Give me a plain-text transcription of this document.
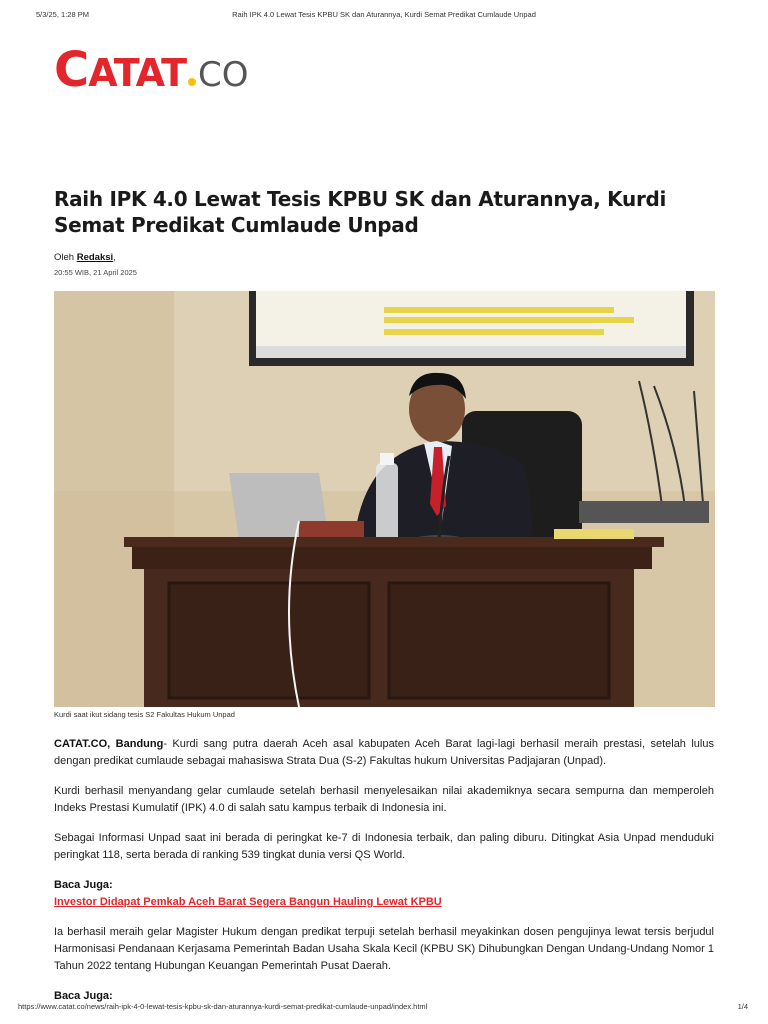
5/3/25, 1:28 PM	Raih IPK 4.0 Lewat Tesis KPBU SK dan Aturannya, Kurdi Semat Predikat Cumlaude Unpad
CATAT CO
Raih IPK 4.0 Lewat Tesis KPBU SK dan Aturannya, Kurdi Semat Predikat Cumlaude Unpad
Oleh Redaksi,
20:55 WIB, 21 April 2025
Kurdi saat ikut sidang tesis S2 Fakultas Hukum Unpad

CATAT.CO, Bandung- Kurdi sang putra daerah Aceh asal kabupaten Aceh Barat lagi-lagi berhasil meraih prestasi, setelah lulus dengan predikat cumlaude sebagai mahasiswa Strata Dua (S-2) Fakultas hukum Universitas Padjajaran (Unpad).

Kurdi berhasil menyandang gelar cumlaude setelah berhasil menyelesaikan nilai akademiknya secara sempurna dan memperoleh Indeks Prestasi Kumulatif (IPK) 4.0 di salah satu kampus terbaik di Indonesia ini.

Sebagai Informasi Unpad saat ini berada di peringkat ke-7 di Indonesia terbaik, dan paling diburu. Ditingkat Asia Unpad menduduki peringkat 118, serta berada di ranking 539 tingkat dunia versi QS World.

Baca Juga:
Investor Didapat Pemkab Aceh Barat Segera Bangun Hauling Lewat KPBU

Ia berhasil meraih gelar Magister Hukum dengan predikat terpuji setelah berhasil meyakinkan dosen pengujinya lewat tersis berjudul Harmonisasi Pendanaan Kerjasama Pemerintah Badan Usaha Skala Kecil (KPBU SK) Dihubungkan Dengan Undang-Undang Nomor 1 Tahun 2022 tentang Hubungan Keuangan Pemerintah Pusat Daerah.

Baca Juga:
https://www.catat.co/news/raih-ipk-4-0-lewat-tesis-kpbu-sk-dan-aturannya-kurdi-semat-predikat-cumlaude-unpad/index.html	1/4
